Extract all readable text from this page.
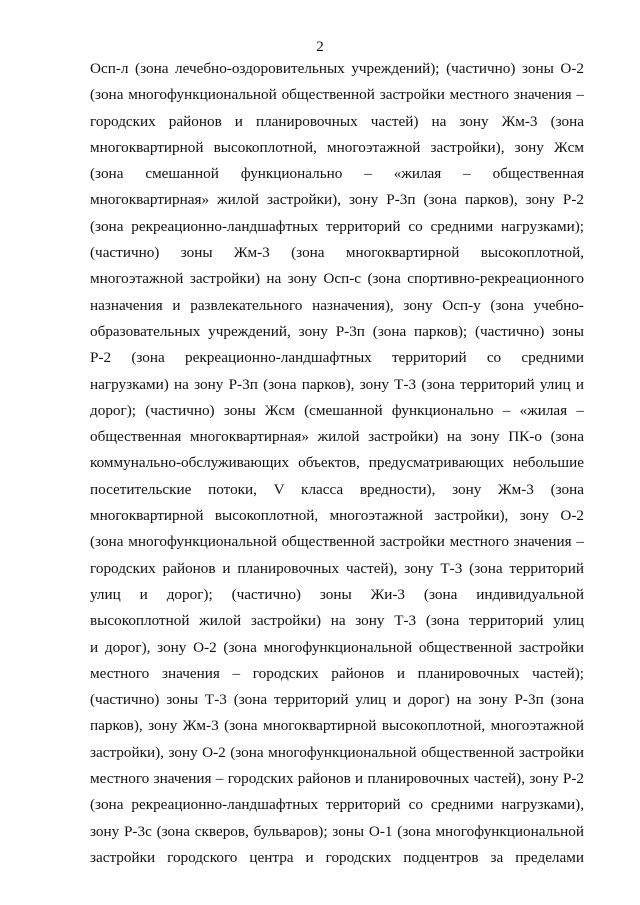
2
Осп-л (зона лечебно-оздоровительных учреждений); (частично) зоны О-2
(зона многофункциональной общественной застройки местного значения –
городских районов и планировочных частей) на зону Жм-3 (зона
многоквартирной высокоплотной, многоэтажной застройки), зону Жсм
(зона смешанной функционально – «жилая – общественная
многоквартирная» жилой застройки), зону Р-3п (зона парков), зону Р-2
(зона рекреационно-ландшафтных территорий со средними нагрузками);
(частично) зоны Жм-3 (зона многоквартирной высокоплотной,
многоэтажной застройки) на зону Осп-с (зона спортивно-рекреационного
назначения и развлекательного назначения), зону Осп-у (зона учебно-
образовательных учреждений, зону Р-3п (зона парков); (частично) зоны
Р-2 (зона рекреационно-ландшафтных территорий со средними
нагрузками) на зону Р-3п (зона парков), зону Т-3 (зона территорий улиц и
дорог); (частично) зоны Жсм (смешанной функционально – «жилая –
общественная многоквартирная» жилой застройки) на зону ПК-о (зона
коммунально-обслуживающих объектов, предусматривающих небольшие
посетительские потоки, V класса вредности), зону Жм-3 (зона
многоквартирной высокоплотной, многоэтажной застройки), зону О-2
(зона многофункциональной общественной застройки местного значения –
городских районов и планировочных частей), зону Т-3 (зона территорий
улиц и дорог); (частично) зоны Жи-3 (зона индивидуальной
высокоплотной жилой застройки) на зону Т-3 (зона территорий улиц
и дорог), зону О-2 (зона многофункциональной общественной застройки
местного значения – городских районов и планировочных частей);
(частично) зоны Т-3 (зона территорий улиц и дорог) на зону Р-3п (зона
парков), зону Жм-3 (зона многоквартирной высокоплотной, многоэтажной
застройки), зону О-2 (зона многофункциональной общественной застройки
местного значения – городских районов и планировочных частей), зону Р-2
(зона рекреационно-ландшафтных территорий со средними нагрузками),
зону Р-3с (зона скверов, бульваров); зоны О-1 (зона многофункциональной
застройки городского центра и городских подцентров за пределами
